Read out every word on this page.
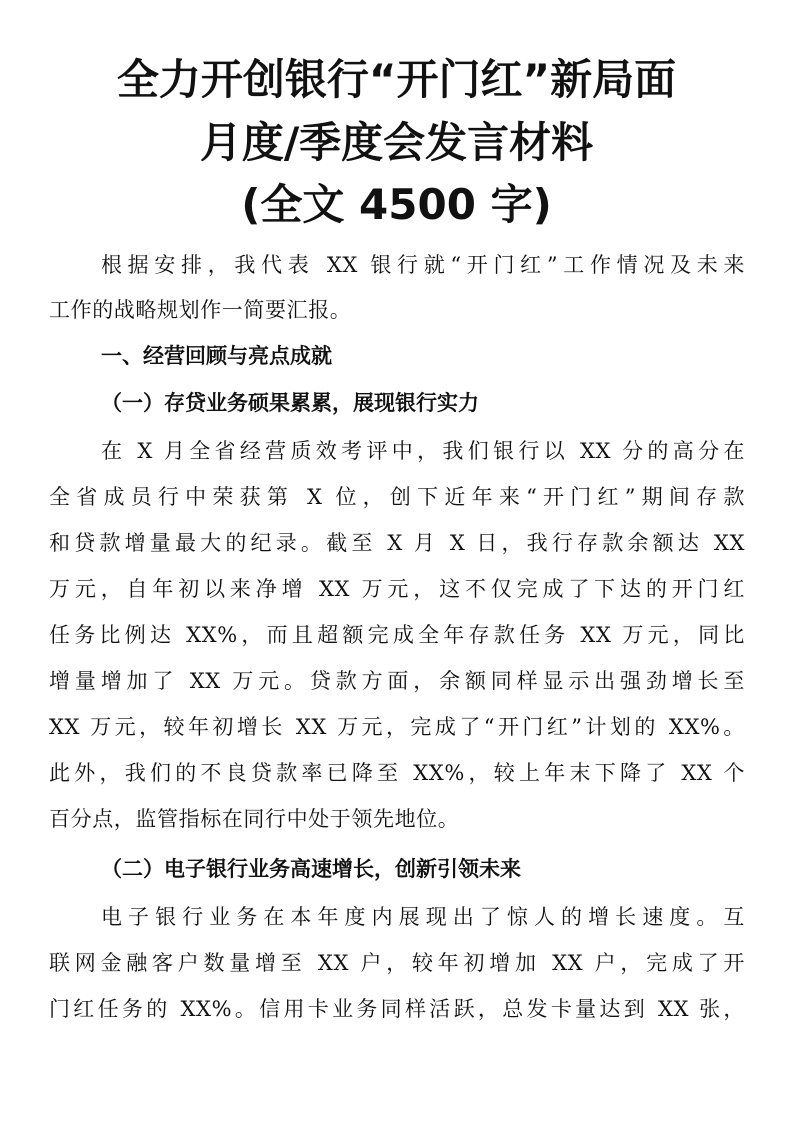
全力开创银行“开门红”新局面
月度/季度会发言材料
(全文 4500 字)
根据安排，我代表 XX 银行就“开门红”工作情况及未来
工作的战略规划作一简要汇报。
一、经营回顾与亮点成就
（一）存贷业务硕果累累，展现银行实力
在 X 月全省经营质效考评中，我们银行以 XX 分的高分在
全省成员行中荣获第 X 位，创下近年来“开门红”期间存款
和贷款增量最大的纪录。截至 X 月 X 日，我行存款余额达 XX
万元，自年初以来净增 XX 万元，这不仅完成了下达的开门红
任务比例达 XX%，而且超额完成全年存款任务 XX 万元，同比
增量增加了 XX 万元。贷款方面，余额同样显示出强劲增长至
XX 万元，较年初增长 XX 万元，完成了“开门红”计划的 XX%。
此外，我们的不良贷款率已降至 XX%，较上年末下降了 XX 个
百分点，监管指标在同行中处于领先地位。
（二）电子银行业务高速增长，创新引领未来
电子银行业务在本年度内展现出了惊人的增长速度。互
联网金融客户数量增至 XX 户，较年初增加 XX 户，完成了开
门红任务的 XX%。信用卡业务同样活跃，总发卡量达到 XX 张，
